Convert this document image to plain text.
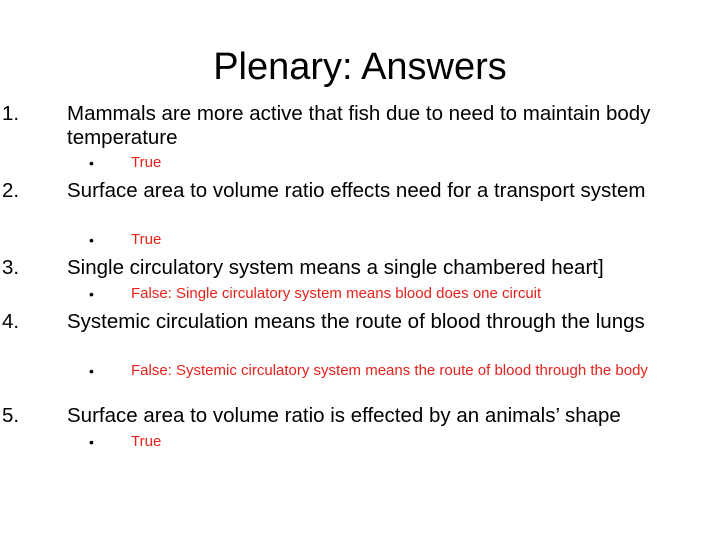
Plenary: Answers
1.	Mammals are more active that fish due to need to maintain body temperature
• True
2.	Surface area to volume ratio effects need for a transport system
• True
3.	Single circulatory system means a single chambered heart]
• False: Single circulatory system means blood does one circuit
4.	Systemic circulation means the route of blood through the lungs
• False: Systemic circulatory system means the route of blood through the body
5.	Surface area to volume ratio is effected by an animals’ shape
• True
